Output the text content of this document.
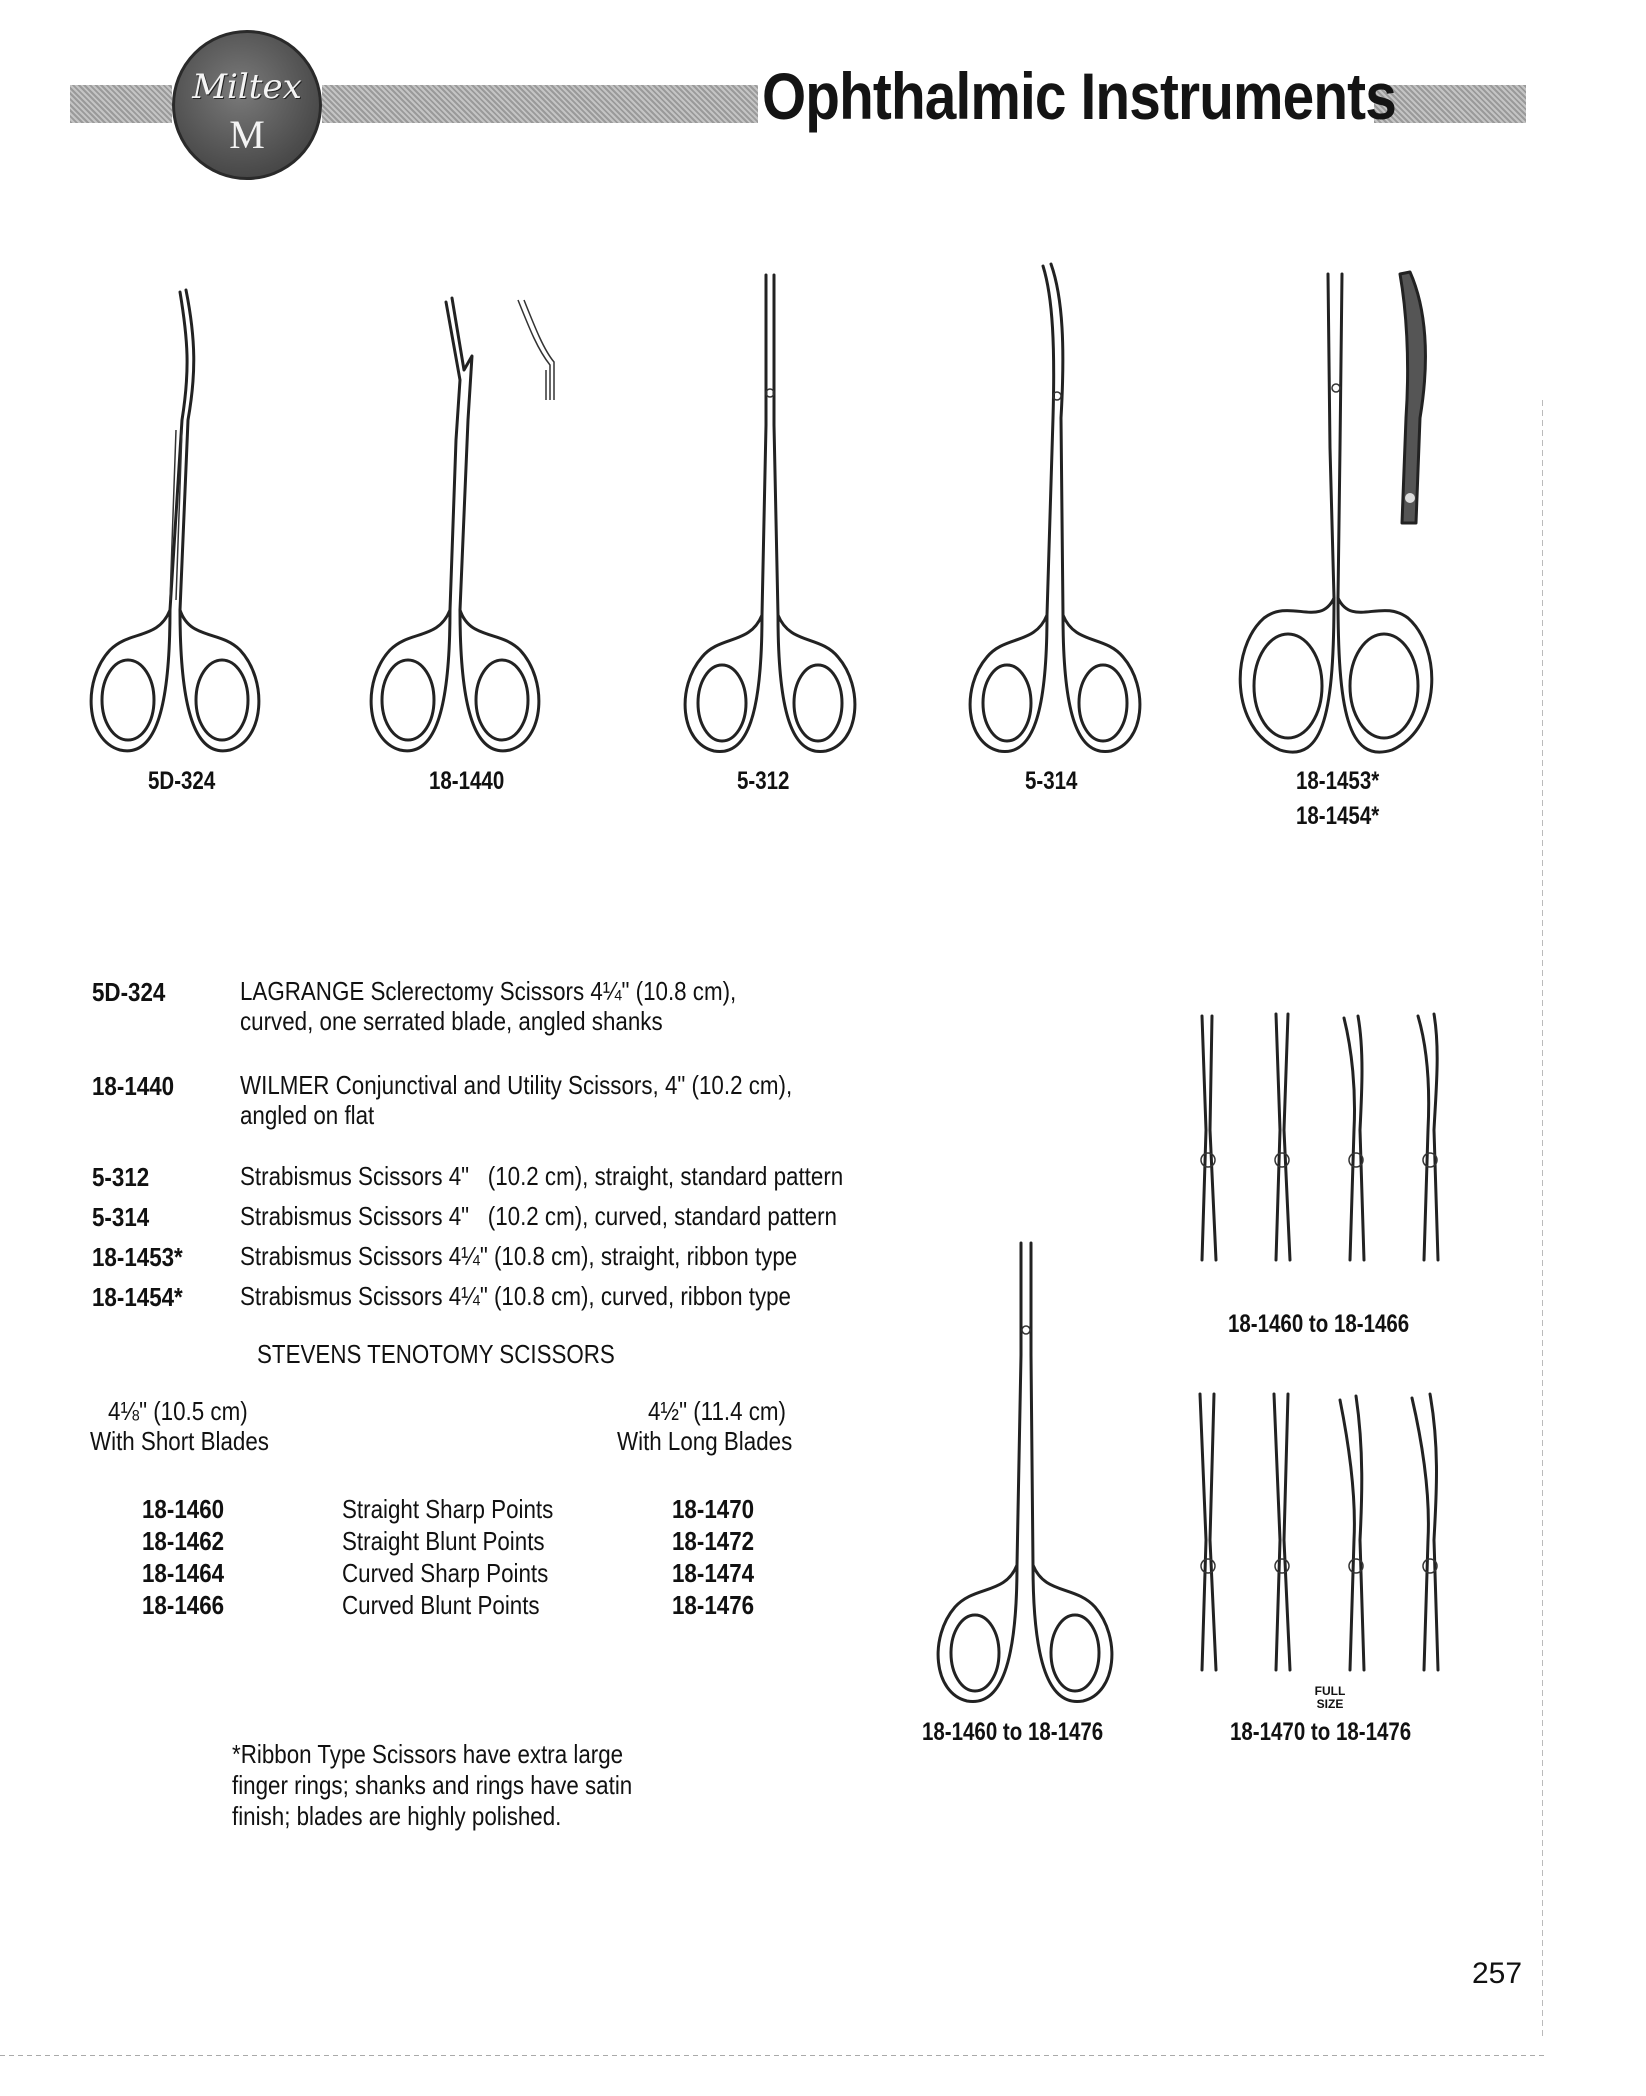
Miltex
M
Ophthalmic Instruments
5D-324	18-1440	5-312	5-314	18-1453*
18-1454*
5D-324	LAGRANGE Sclerectomy Scissors 4¼" (10.8 cm),
curved, one serrated blade, angled shanks
18-1440	WILMER Conjunctival and Utility Scissors, 4" (10.2 cm),
angled on flat
5-312	Strabismus Scissors 4"   (10.2 cm), straight, standard pattern
5-314	Strabismus Scissors 4"   (10.2 cm), curved, standard pattern
18-1453* Strabismus Scissors 4¼" (10.8 cm), straight, ribbon type
18-1454* Strabismus Scissors 4¼" (10.8 cm), curved, ribbon type
STEVENS TENOTOMY SCISSORS
4⅛" (10.5 cm)
With Short Blades
4½" (11.4 cm)
With Long Blades
18-1460	Straight Sharp Points	18-1470
18-1462	Straight Blunt Points	18-1472
18-1464	Curved Sharp Points	18-1474
18-1466	Curved Blunt Points	18-1476
*Ribbon Type Scissors have extra large
finger rings; shanks and rings have satin
finish; blades are highly polished.
18-1460 to 18-1466
18-1460 to 18-1476
FULL
SIZE
18-1470 to 18-1476
257
